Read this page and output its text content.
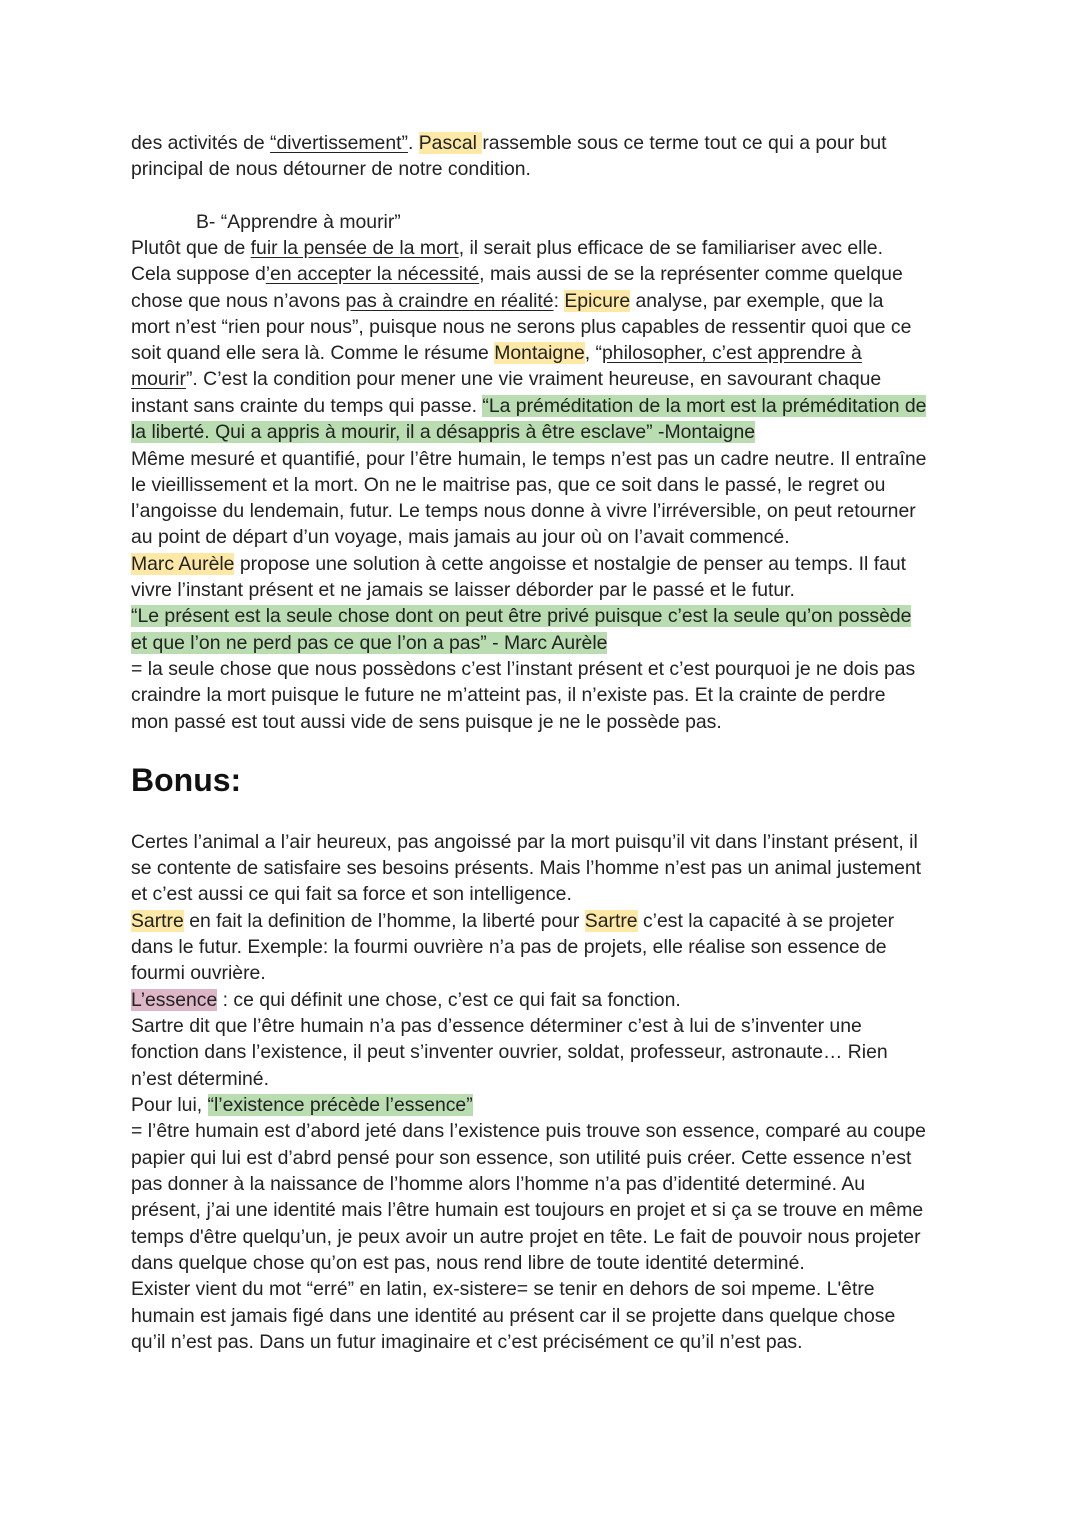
des activités de “divertissement”. Pascal rassemble sous ce terme tout ce qui a pour but
principal de nous détourner de notre condition.
B- “Apprendre à mourir”
Plutôt que de fuir la pensée de la mort, il serait plus efficace de se familiariser avec elle.
Cela suppose d’en accepter la nécessité, mais aussi de se la représenter comme quelque
chose que nous n’avons pas à craindre en réalité: Epicure analyse, par exemple, que la
mort n’est “rien pour nous”, puisque nous ne serons plus capables de ressentir quoi que ce
soit quand elle sera là. Comme le résume Montaigne, “philosopher, c’est apprendre à
mourir”. C’est la condition pour mener une vie vraiment heureuse, en savourant chaque
instant sans crainte du temps qui passe. “La préméditation de la mort est la préméditation de
la liberté. Qui a appris à mourir, il a désappris à être esclave” -Montaigne
Même mesuré et quantifié, pour l’être humain, le temps n’est pas un cadre neutre. Il entraîne
le vieillissement et la mort. On ne le maitrise pas, que ce soit dans le passé, le regret ou
l’angoisse du lendemain, futur. Le temps nous donne à vivre l’irréversible, on peut retourner
au point de départ d’un voyage, mais jamais au jour où on l’avait commencé.
Marc Aurèle propose une solution à cette angoisse et nostalgie de penser au temps. Il faut
vivre l’instant présent et ne jamais se laisser déborder par le passé et le futur.
“Le présent est la seule chose dont on peut être privé puisque c’est la seule qu’on possède
et que l’on ne perd pas ce que l’on a pas” - Marc Aurèle
= la seule chose que nous possèdons c’est l’instant présent et c’est pourquoi je ne dois pas
craindre la mort puisque le future ne m’atteint pas, il n’existe pas. Et la crainte de perdre
mon passé est tout aussi vide de sens puisque je ne le possède pas.
Bonus:
Certes l’animal a l’air heureux, pas angoissé par la mort puisqu’il vit dans l’instant présent, il
se contente de satisfaire ses besoins présents. Mais l’homme n’est pas un animal justement
et c’est aussi ce qui fait sa force et son intelligence.
Sartre en fait la definition de l’homme, la liberté pour Sartre c’est la capacité à se projeter
dans le futur. Exemple: la fourmi ouvrière n’a pas de projets, elle réalise son essence de
fourmi ouvrière.
L’essence : ce qui définit une chose, c’est ce qui fait sa fonction.
Sartre dit que l’être humain n’a pas d’essence déterminer c’est à lui de s’inventer une
fonction dans l’existence, il peut s’inventer ouvrier, soldat, professeur, astronaute… Rien
n’est déterminé.
Pour lui, “l’existence précède l’essence”
= l’être humain est d’abord jeté dans l’existence puis trouve son essence, comparé au coupe
papier qui lui est d’abrd pensé pour son essence, son utilité puis créer. Cette essence n’est
pas donner à la naissance de l’homme alors l’homme n’a pas d’identité determiné. Au
présent, j’ai une identité mais l’être humain est toujours en projet et si ça se trouve en même
temps d'être quelqu’un, je peux avoir un autre projet en tête. Le fait de pouvoir nous projeter
dans quelque chose qu’on est pas, nous rend libre de toute identité determiné.
Exister vient du mot “erré” en latin, ex-sistere= se tenir en dehors de soi mpeme. L'être
humain est jamais figé dans une identité au présent car il se projette dans quelque chose
qu’il n’est pas. Dans un futur imaginaire et c’est précisément ce qu’il n’est pas.
